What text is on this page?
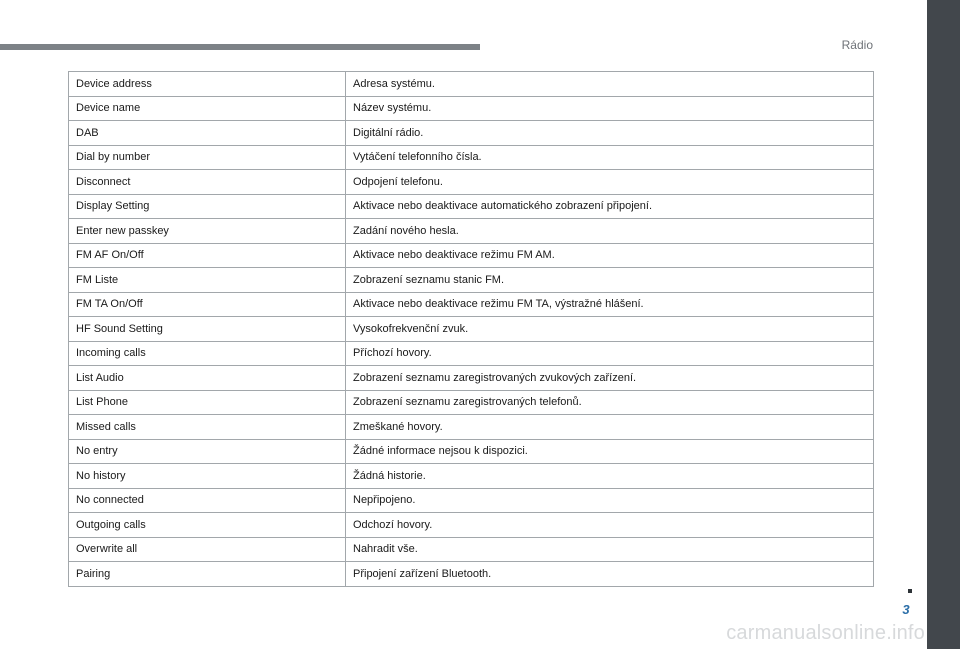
Rádio
Device address	Adresa systému.
Device name	Název systému.
DAB	Digitální rádio.
Dial by number	Vytáčení telefonního čísla.
Disconnect	Odpojení telefonu.
Display Setting	Aktivace nebo deaktivace automatického zobrazení připojení.
Enter new passkey	Zadání nového hesla.
FM AF On/Off	Aktivace nebo deaktivace režimu FM AM.
FM Liste	Zobrazení seznamu stanic FM.
FM TA On/Off	Aktivace nebo deaktivace režimu FM TA, výstražné hlášení.
HF Sound Setting	Vysokofrekvenční zvuk.
Incoming calls	Příchozí hovory.
List Audio	Zobrazení seznamu zaregistrovaných zvukových zařízení.
List Phone	Zobrazení seznamu zaregistrovaných telefonů.
Missed calls	Zmeškané hovory.
No entry	Žádné informace nejsou k dispozici.
No history	Žádná historie.
No connected	Nepřipojeno.
Outgoing calls	Odchozí hovory.
Overwrite all	Nahradit vše.
Pairing	Připojení zařízení Bluetooth.
3
carmanualsonline.info
